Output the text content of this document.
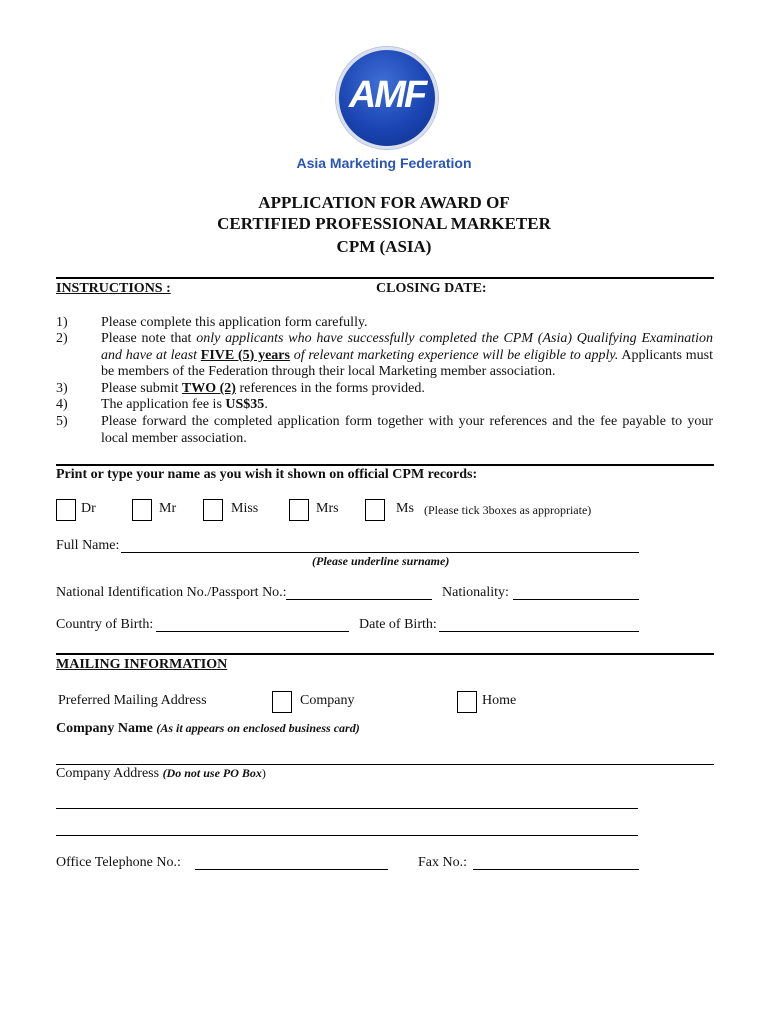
AMF
Asia Marketing Federation
APPLICATION FOR AWARD OF
CERTIFIED PROFESSIONAL MARKETER
CPM (ASIA)
INSTRUCTIONS :	CLOSING DATE:
1)	Please complete this application form carefully.
2)	Please note that only applicants who have successfully completed the CPM (Asia) Qualifying Examination and have at least FIVE (5) years of relevant marketing experience will be eligible to apply. Applicants must be members of the Federation through their local Marketing member association.
3)	Please submit TWO (2) references in the forms provided.
4)	The application fee is US$35.
5)	Please forward the completed application form together with your references and the fee payable to your local member association.
Print or type your name as you wish it shown on official CPM records:
Dr	Mr	Miss	Mrs	Ms (Please tick 3boxes as appropriate)
Full Name:
(Please underline surname)
National Identification No./Passport No.:	Nationality:
Country of Birth:	Date of Birth:
MAILING INFORMATION
Preferred Mailing Address	Company	Home
Company Name (As it appears on enclosed business card)
Company Address (Do not use PO Box)
Office Telephone No.:	Fax No.:
